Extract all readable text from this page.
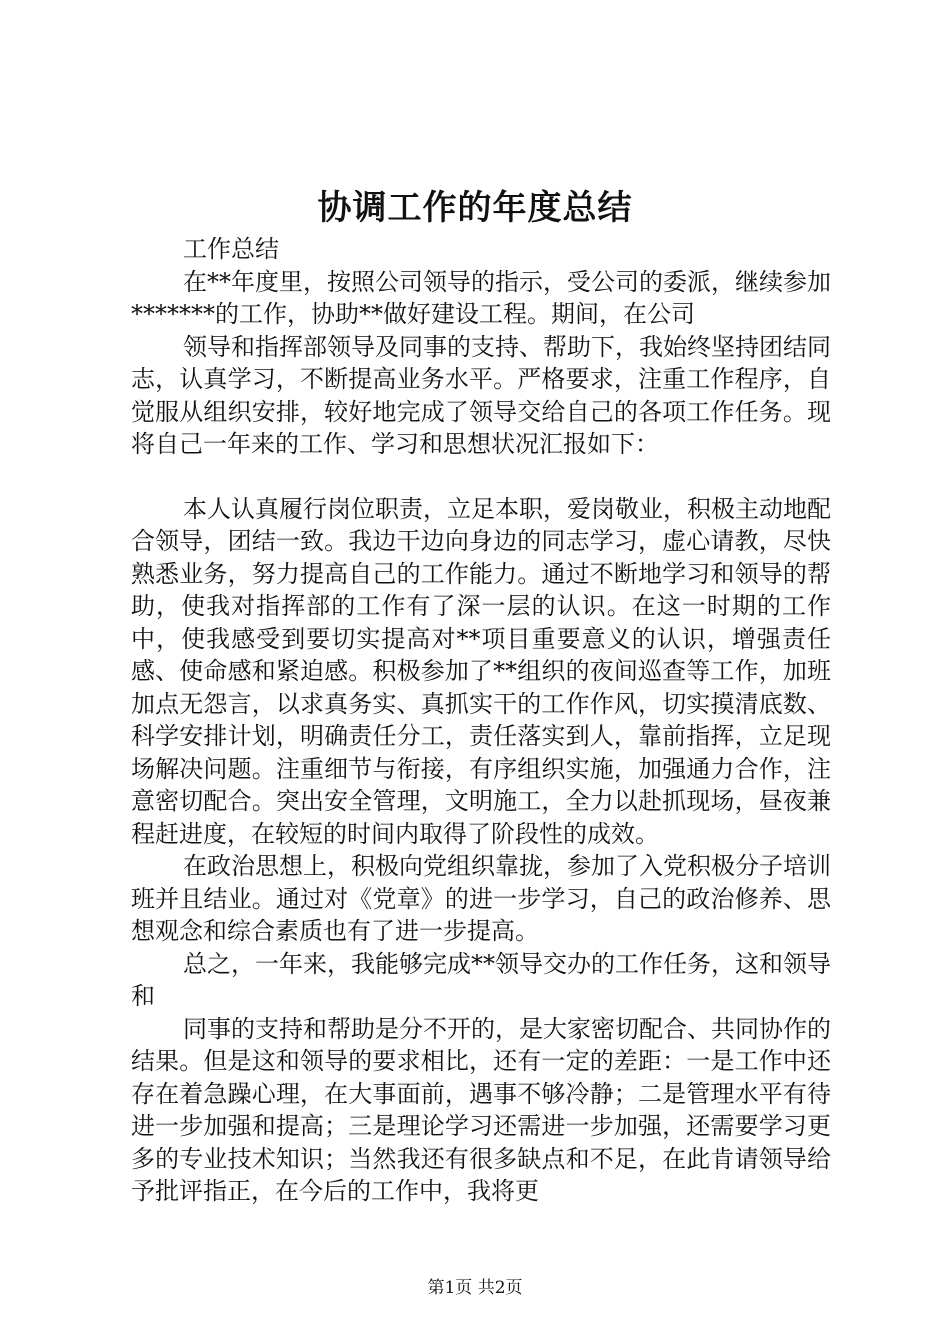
协调工作的年度总结

工作总结

在**年度里，按照公司领导的指示，受公司的委派，继续参加*******的工作，协助**做好建设工程。期间，在公司

领导和指挥部领导及同事的支持、帮助下，我始终坚持团结同志，认真学习，不断提高业务水平。严格要求，注重工作程序，自觉服从组织安排，较好地完成了领导交给自己的各项工作任务。现将自己一年来的工作、学习和思想状况汇报如下：

本人认真履行岗位职责，立足本职，爱岗敬业，积极主动地配合领导，团结一致。我边干边向身边的同志学习，虚心请教，尽快熟悉业务，努力提高自己的工作能力。通过不断地学习和领导的帮助，使我对指挥部的工作有了深一层的认识。在这一时期的工作中，使我感受到要切实提高对**项目重要意义的认识，增强责任感、使命感和紧迫感。积极参加了**组织的夜间巡查等工作，加班加点无怨言，以求真务实、真抓实干的工作作风，切实摸清底数、科学安排计划，明确责任分工，责任落实到人，靠前指挥，立足现场解决问题。注重细节与衔接，有序组织实施，加强通力合作，注意密切配合。突出安全管理，文明施工，全力以赴抓现场，昼夜兼程赶进度，在较短的时间内取得了阶段性的成效。

在政治思想上，积极向党组织靠拢，参加了入党积极分子培训班并且结业。通过对《党章》的进一步学习，自己的政治修养、思想观念和综合素质也有了进一步提高。

总之，一年来，我能够完成**领导交办的工作任务，这和领导和

同事的支持和帮助是分不开的，是大家密切配合、共同协作的结果。但是这和领导的要求相比，还有一定的差距：一是工作中还存在着急躁心理，在大事面前，遇事不够冷静；二是管理水平有待进一步加强和提高；三是理论学习还需进一步加强，还需要学习更多的专业技术知识；当然我还有很多缺点和不足，在此肯请领导给予批评指正，在今后的工作中，我将更

第1页 共2页
